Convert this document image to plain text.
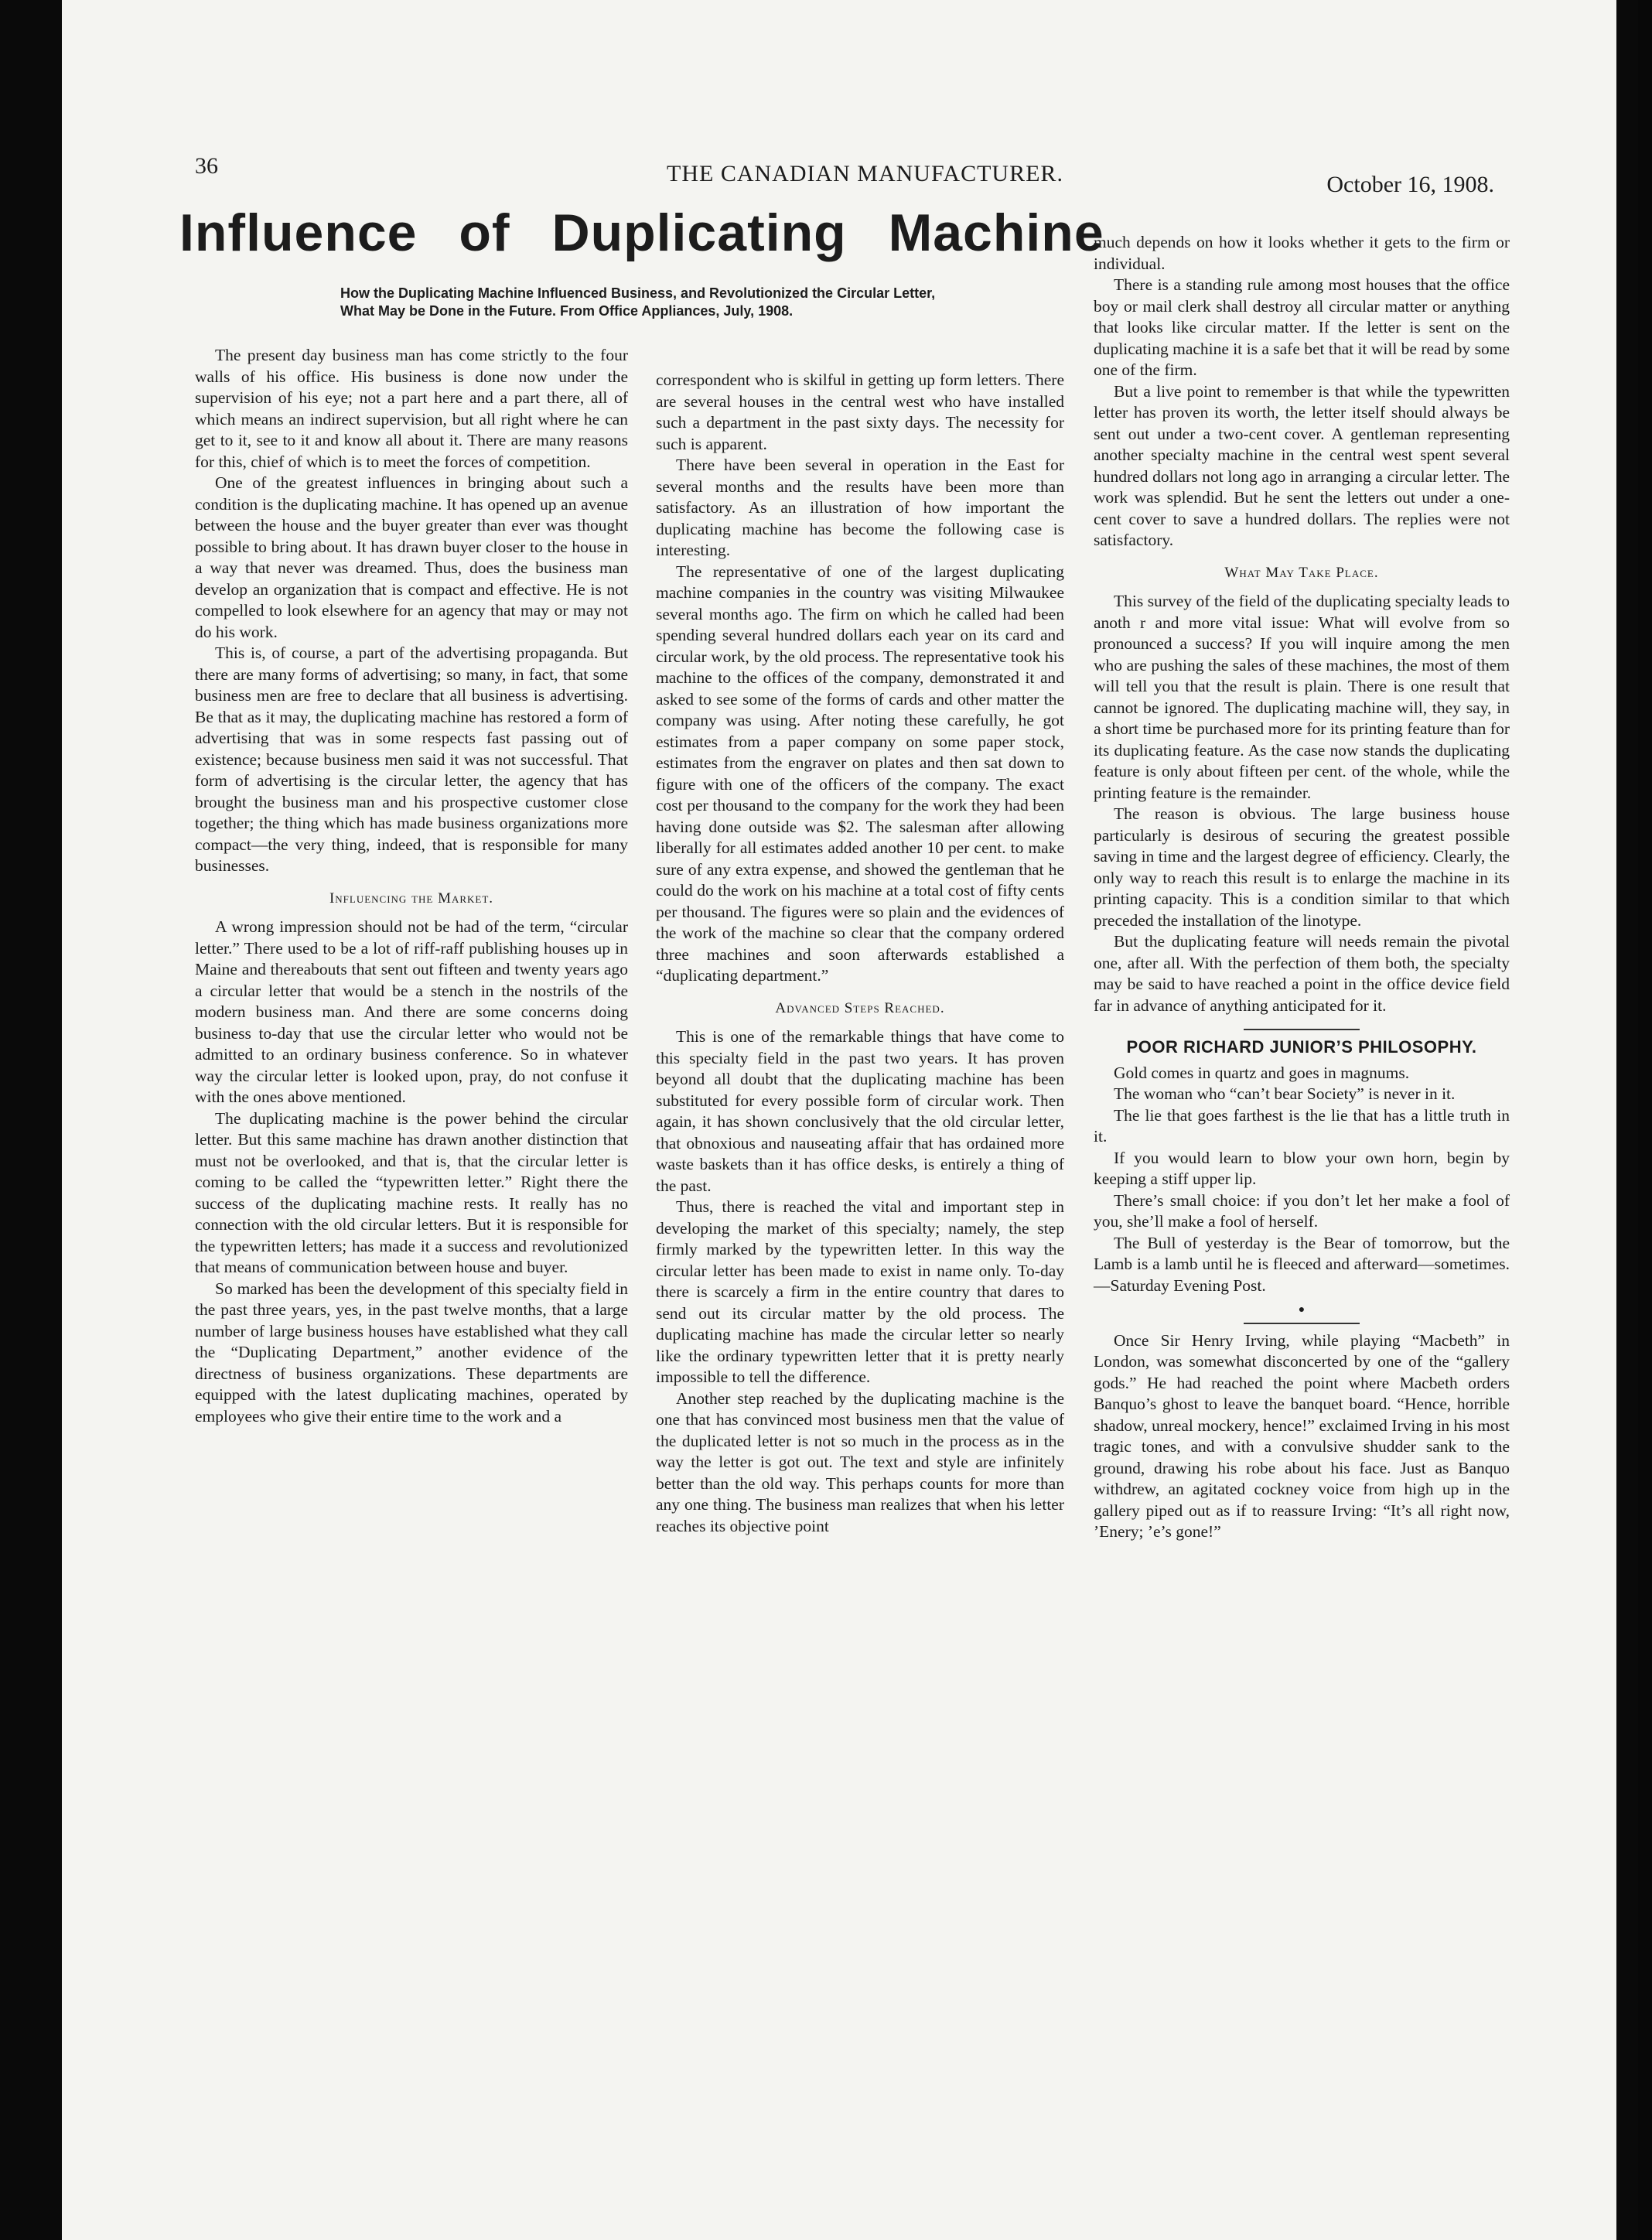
36	THE CANADIAN MANUFACTURER.	October 16, 1908.
Influence of Duplicating Machine
How the Duplicating Machine Influenced Business, and Revolutionized the Circular Letter, What May be Done in the Future. From Office Appliances, July, 1908.

The present day business man has come strictly to the four walls of his office. His business is done now under the supervision of his eye; not a part here and a part there, all of which means an indirect supervision, but all right where he can get to it, see to it and know all about it. There are many reasons for this, chief of which is to meet the forces of competition.

One of the greatest influences in bringing about such a condition is the duplicating machine. It has opened up an avenue between the house and the buyer greater than ever was thought possible to bring about. It has drawn buyer closer to the house in a way that never was dreamed. Thus, does the business man develop an organization that is compact and effective. He is not compelled to look elsewhere for an agency that may or may not do his work.

This is, of course, a part of the advertising propaganda. But there are many forms of advertising; so many, in fact, that some business men are free to declare that all business is advertising. Be that as it may, the duplicating machine has restored a form of advertising that was in some respects fast passing out of existence; because business men said it was not successful. That form of advertising is the circular letter, the agency that has brought the business man and his prospective customer close together; the thing which has made business organizations more compact—the very thing, indeed, that is responsible for many businesses.

Influencing the Market.

A wrong impression should not be had of the term, “circular letter.” There used to be a lot of riff-raff publishing houses up in Maine and thereabouts that sent out fifteen and twenty years ago a circular letter that would be a stench in the nostrils of the modern business man. And there are some concerns doing business to-day that use the circular letter who would not be admitted to an ordinary business conference. So in whatever way the circular letter is looked upon, pray, do not confuse it with the ones above mentioned.

The duplicating machine is the power behind the circular letter. But this same machine has drawn another distinction that must not be overlooked, and that is, that the circular letter is coming to be called the “typewritten letter.” Right there the success of the duplicating machine rests. It really has no connection with the old circular letters. But it is responsible for the typewritten letters; has made it a success and revolutionized that means of communication between house and buyer.

So marked has been the development of this specialty field in the past three years, yes, in the past twelve months, that a large number of large business houses have established what they call the “Duplicating Department,” another evidence of the directness of business organizations. These departments are equipped with the latest duplicating machines, operated by employees who give their entire time to the work and a

correspondent who is skilful in getting up form letters. There are several houses in the central west who have installed such a department in the past sixty days. The necessity for such is apparent.

There have been several in operation in the East for several months and the results have been more than satisfactory. As an illustration of how important the duplicating machine has become the following case is interesting.

The representative of one of the largest duplicating machine companies in the country was visiting Milwaukee several months ago. The firm on which he called had been spending several hundred dollars each year on its card and circular work, by the old process. The representative took his machine to the offices of the company, demonstrated it and asked to see some of the forms of cards and other matter the company was using. After noting these carefully, he got estimates from a paper company on some paper stock, estimates from the engraver on plates and then sat down to figure with one of the officers of the company. The exact cost per thousand to the company for the work they had been having done outside was $2. The salesman after allowing liberally for all estimates added another 10 per cent. to make sure of any extra expense, and showed the gentleman that he could do the work on his machine at a total cost of fifty cents per thousand. The figures were so plain and the evidences of the work of the machine so clear that the company ordered three machines and soon afterwards established a “duplicating department.”

Advanced Steps Reached.

This is one of the remarkable things that have come to this specialty field in the past two years. It has proven beyond all doubt that the duplicating machine has been substituted for every possible form of circular work. Then again, it has shown conclusively that the old circular letter, that obnoxious and nauseating affair that has ordained more waste baskets than it has office desks, is entirely a thing of the past.

Thus, there is reached the vital and important step in developing the market of this specialty; namely, the step firmly marked by the typewritten letter. In this way the circular letter has been made to exist in name only. To-day there is scarcely a firm in the entire country that dares to send out its circular matter by the old process. The duplicating machine has made the circular letter so nearly like the ordinary typewritten letter that it is pretty nearly impossible to tell the difference.

Another step reached by the duplicating machine is the one that has convinced most business men that the value of the duplicated letter is not so much in the process as in the way the letter is got out. The text and style are infinitely better than the old way. This perhaps counts for more than any one thing. The business man realizes that when his letter reaches its objective point

much depends on how it looks whether it gets to the firm or individual.

There is a standing rule among most houses that the office boy or mail clerk shall destroy all circular matter or anything that looks like circular matter. If the letter is sent on the duplicating machine it is a safe bet that it will be read by some one of the firm.

But a live point to remember is that while the typewritten letter has proven its worth, the letter itself should always be sent out under a two-cent cover. A gentleman representing another specialty machine in the central west spent several hundred dollars not long ago in arranging a circular letter. The work was splendid. But he sent the letters out under a one-cent cover to save a hundred dollars. The replies were not satisfactory.

What May Take Place.

This survey of the field of the duplicating specialty leads to anoth r and more vital issue: What will evolve from so pronounced a success? If you will inquire among the men who are pushing the sales of these machines, the most of them will tell you that the result is plain. There is one result that cannot be ignored. The duplicating machine will, they say, in a short time be purchased more for its printing feature than for its duplicating feature. As the case now stands the duplicating feature is only about fifteen per cent. of the whole, while the printing feature is the remainder.

The reason is obvious. The large business house particularly is desirous of securing the greatest possible saving in time and the largest degree of efficiency. Clearly, the only way to reach this result is to enlarge the machine in its printing capacity. This is a condition similar to that which preceded the installation of the linotype.

But the duplicating feature will needs remain the pivotal one, after all. With the perfection of them both, the specialty may be said to have reached a point in the office device field far in advance of anything anticipated for it.

POOR RICHARD JUNIOR’S PHILOSOPHY.

Gold comes in quartz and goes in magnums.

The woman who “can’t bear Society” is never in it.

The lie that goes farthest is the lie that has a little truth in it.

If you would learn to blow your own horn, begin by keeping a stiff upper lip.

There’s small choice: if you don’t let her make a fool of you, she’ll make a fool of herself.

The Bull of yesterday is the Bear of tomorrow, but the Lamb is a lamb until he is fleeced and afterward—sometimes.—Saturday Evening Post.

●

Once Sir Henry Irving, while playing “Macbeth” in London, was somewhat disconcerted by one of the “gallery gods.” He had reached the point where Macbeth orders Banquo’s ghost to leave the banquet board. “Hence, horrible shadow, unreal mockery, hence!” exclaimed Irving in his most tragic tones, and with a convulsive shudder sank to the ground, drawing his robe about his face. Just as Banquo withdrew, an agitated cockney voice from high up in the gallery piped out as if to reassure Irving: “It’s all right now, ’Enery; ’e’s gone!”
